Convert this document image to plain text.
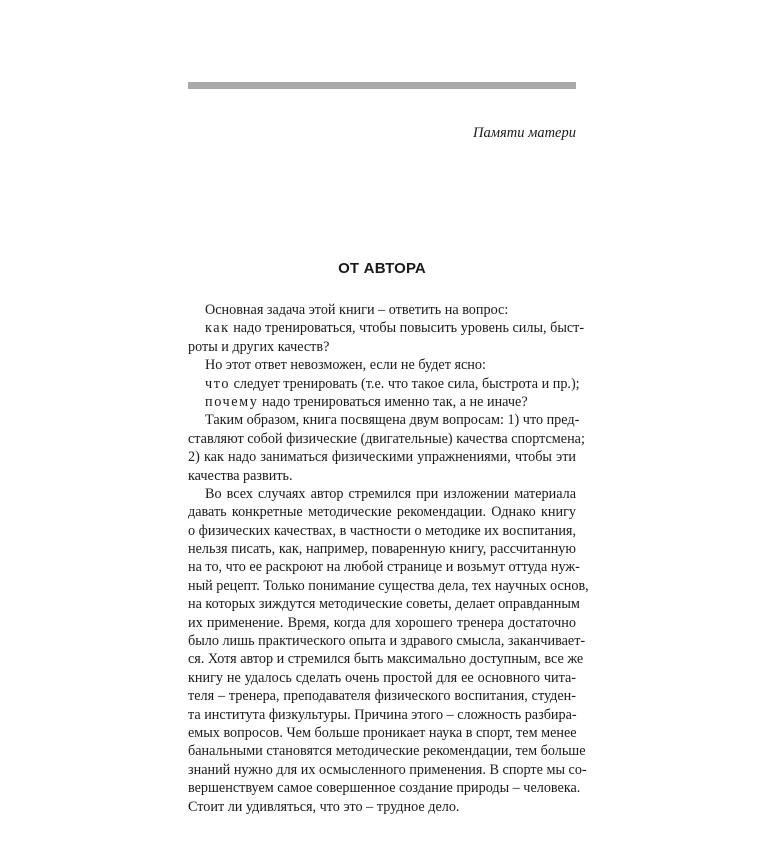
Памяти матери
ОТ АВТОРА
Основная задача этой книги – ответить на вопрос:
как надо тренироваться, чтобы повысить уровень силы, быст-
роты и других качеств?
Но этот ответ невозможен, если не будет ясно:
что следует тренировать (т.е. что такое сила, быстрота и пр.);
почему надо тренироваться именно так, а не иначе?
Таким образом, книга посвящена двум вопросам: 1) что пред-
ставляют собой физические (двигательные) качества спортсмена;
2) как надо заниматься физическими упражнениями, чтобы эти
качества развить.
Во всех случаях автор стремился при изложении материала
давать конкретные методические рекомендации. Однако книгу
о физических качествах, в частности о методике их воспитания,
нельзя писать, как, например, поваренную книгу, рассчитанную
на то, что ее раскроют на любой странице и возьмут оттуда нуж-
ный рецепт. Только понимание существа дела, тех научных основ,
на которых зиждутся методические советы, делает оправданным
их применение. Время, когда для хорошего тренера достаточно
было лишь практического опыта и здравого смысла, заканчивает-
ся. Хотя автор и стремился быть максимально доступным, все же
книгу не удалось сделать очень простой для ее основного чита-
теля – тренера, преподавателя физического воспитания, студен-
та института физкультуры. Причина этого – сложность разбира-
емых вопросов. Чем больше проникает наука в спорт, тем менее
банальными становятся методические рекомендации, тем больше
знаний нужно для их осмысленного применения. В спорте мы со-
вершенствуем самое совершенное создание природы – человека.
Стоит ли удивляться, что это – трудное дело.
